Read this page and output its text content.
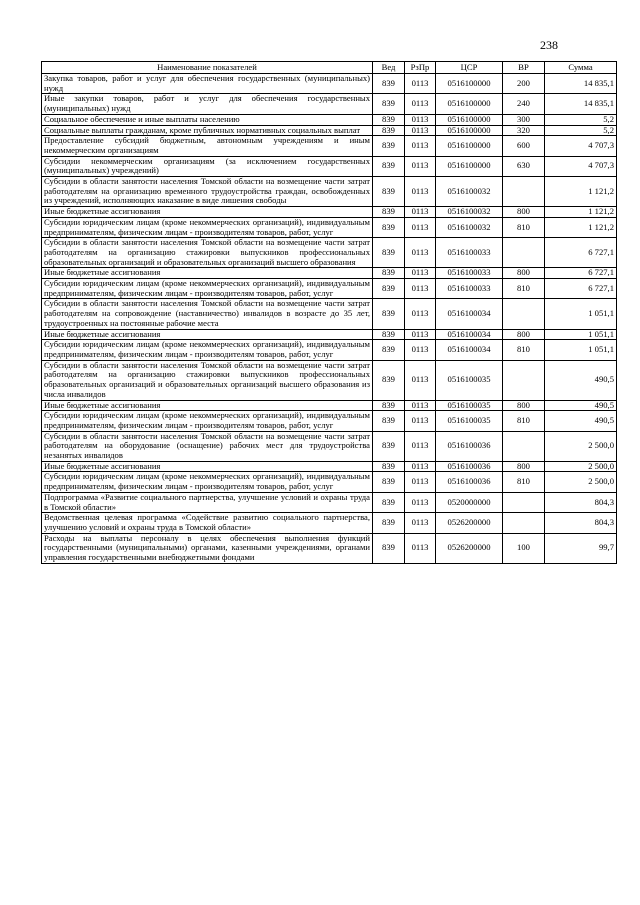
238
Наименование показателей	Вед	РзПр	ЦСР	ВР	Сумма
Закупка товаров, работ и услуг для обеспечения государственных (муниципальных) нужд	839	0113	0516100000	200	14 835,1
Иные закупки товаров, работ и услуг для обеспечения государственных (муниципальных) нужд	839	0113	0516100000	240	14 835,1
Социальное обеспечение и иные выплаты населению	839	0113	0516100000	300	5,2
Социальные выплаты гражданам, кроме публичных нормативных социальных выплат	839	0113	0516100000	320	5,2
Предоставление субсидий бюджетным, автономным учреждениям и иным некоммерческим организациям	839	0113	0516100000	600	4 707,3
Субсидии некоммерческим организациям (за исключением государственных (муниципальных) учреждений)	839	0113	0516100000	630	4 707,3
Субсидии в области занятости населения Томской области на возмещение части затрат работодателям на организацию временного трудоустройства граждан, освобожденных из учреждений, исполняющих наказание в виде лишения свободы	839	0113	0516100032		1 121,2
Иные бюджетные ассигнования	839	0113	0516100032	800	1 121,2
Субсидии юридическим лицам (кроме некоммерческих организаций), индивидуальным предпринимателям, физическим лицам - производителям товаров, работ, услуг	839	0113	0516100032	810	1 121,2
Субсидии в области занятости населения Томской области на возмещение части затрат работодателям на организацию стажировки выпускников профессиональных образовательных организаций и образовательных организаций высшего образования	839	0113	0516100033		6 727,1
Иные бюджетные ассигнования	839	0113	0516100033	800	6 727,1
Субсидии юридическим лицам (кроме некоммерческих организаций), индивидуальным предпринимателям, физическим лицам - производителям товаров, работ, услуг	839	0113	0516100033	810	6 727,1
Субсидии в области занятости населения Томской области на возмещение части затрат работодателям на сопровождение (наставничество) инвалидов в возрасте до 35 лет, трудоустроенных на постоянные рабочие места	839	0113	0516100034		1 051,1
Иные бюджетные ассигнования	839	0113	0516100034	800	1 051,1
Субсидии юридическим лицам (кроме некоммерческих организаций), индивидуальным предпринимателям, физическим лицам - производителям товаров, работ, услуг	839	0113	0516100034	810	1 051,1
Субсидии в области занятости населения Томской области на возмещение части затрат работодателям на организацию стажировки выпускников профессиональных образовательных организаций и образовательных организаций высшего образования из числа инвалидов	839	0113	0516100035		490,5
Иные бюджетные ассигнования	839	0113	0516100035	800	490,5
Субсидии юридическим лицам (кроме некоммерческих организаций), индивидуальным предпринимателям, физическим лицам - производителям товаров, работ, услуг	839	0113	0516100035	810	490,5
Субсидии в области занятости населения Томской области на возмещение части затрат работодателям на оборудование (оснащение) рабочих мест для трудоустройства незанятых инвалидов	839	0113	0516100036		2 500,0
Иные бюджетные ассигнования	839	0113	0516100036	800	2 500,0
Субсидии юридическим лицам (кроме некоммерческих организаций), индивидуальным предпринимателям, физическим лицам - производителям товаров, работ, услуг	839	0113	0516100036	810	2 500,0
Подпрограмма «Развитие социального партнерства, улучшение условий и охраны труда в Томской области»	839	0113	0520000000		804,3
Ведомственная целевая программа «Содействие развитию социального партнерства, улучшению условий и охраны труда в Томской области»	839	0113	0526200000		804,3
Расходы на выплаты персоналу в целях обеспечения выполнения функций государственными (муниципальными) органами, казенными учреждениями, органами управления государственными внебюджетными фондами	839	0113	0526200000	100	99,7
